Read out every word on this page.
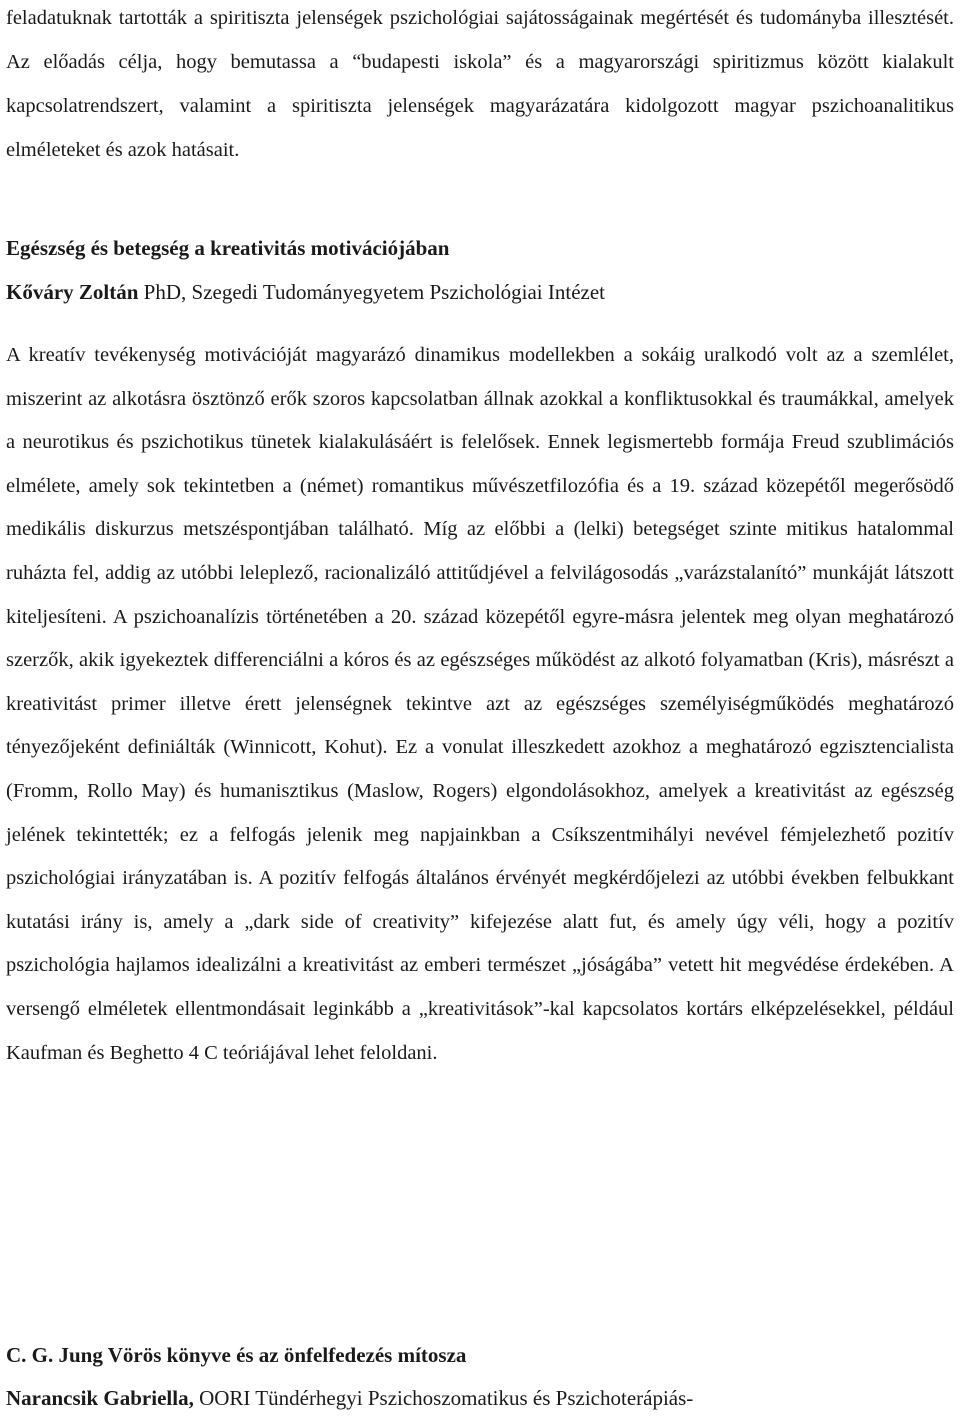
feladatuknak tartották a spiritiszta jelenségek pszichológiai sajátosságainak megértését és tudományba illesztését. Az előadás célja, hogy bemutassa a “budapesti iskola” és a magyarországi spiritizmus között kialakult kapcsolatrendszert, valamint a spiritiszta jelenségek magyarázatára kidolgozott magyar pszichoanalitikus elméleteket és azok hatásait.

Egészség és betegség a kreativitás motivációjában

Kőváry Zoltán PhD, Szegedi Tudományegyetem Pszichológiai Intézet

A kreatív tevékenység motivációját magyarázó dinamikus modellekben a sokáig uralkodó volt az a szemlélet, miszerint az alkotásra ösztönző erők szoros kapcsolatban állnak azokkal a konfliktusokkal és traumákkal, amelyek a neurotikus és pszichotikus tünetek kialakulásáért is felelősek. Ennek legismertebb formája Freud szublimációs elmélete, amely sok tekintetben a (német) romantikus művészetfilozófia és a 19. század közepétől megerősödő medikális diskurzus metszéspontjában található. Míg az előbbi a (lelki) betegséget szinte mitikus hatalommal ruházta fel, addig az utóbbi leleplező, racionalizáló attitűdjével a felvilágosodás „varázstalanító” munkáját látszott kiteljesíteni. A pszichoanalízis történetében a 20. század közepétől egyre-másra jelentek meg olyan meghatározó szerzők, akik igyekeztek differenciálni a kóros és az egészséges működést az alkotó folyamatban (Kris), másrészt a kreativitást primer illetve érett jelenségnek tekintve azt az egészséges személyiségműködés meghatározó tényezőjeként definiálták (Winnicott, Kohut). Ez a vonulat illeszkedett azokhoz a meghatározó egzisztencialista (Fromm, Rollo May) és humanisztikus (Maslow, Rogers) elgondolásokhoz, amelyek a kreativitást az egészség jelének tekintették; ez a felfogás jelenik meg napjainkban a Csíkszentmihályi nevével fémjelezhető pozitív pszichológiai irányzatában is. A pozitív felfogás általános érvényét megkérdőjelezi az utóbbi években felbukkant kutatási irány is, amely a „dark side of creativity” kifejezése alatt fut, és amely úgy véli, hogy a pozitív pszichológia hajlamos idealizálni a kreativitást az emberi természet „jóságába” vetett hit megvédése érdekében. A versengő elméletek ellentmondásait leginkább a „kreativitások”-kal kapcsolatos kortárs elképzelésekkel, például Kaufman és Beghetto 4 C teóriájával lehet feloldani.

C. G. Jung Vörös könyve és az önfelfedezés mítosza

Narancsik Gabriella, OORI Tündérhegyi Pszichoszomatikus és Pszichoterápiás-
